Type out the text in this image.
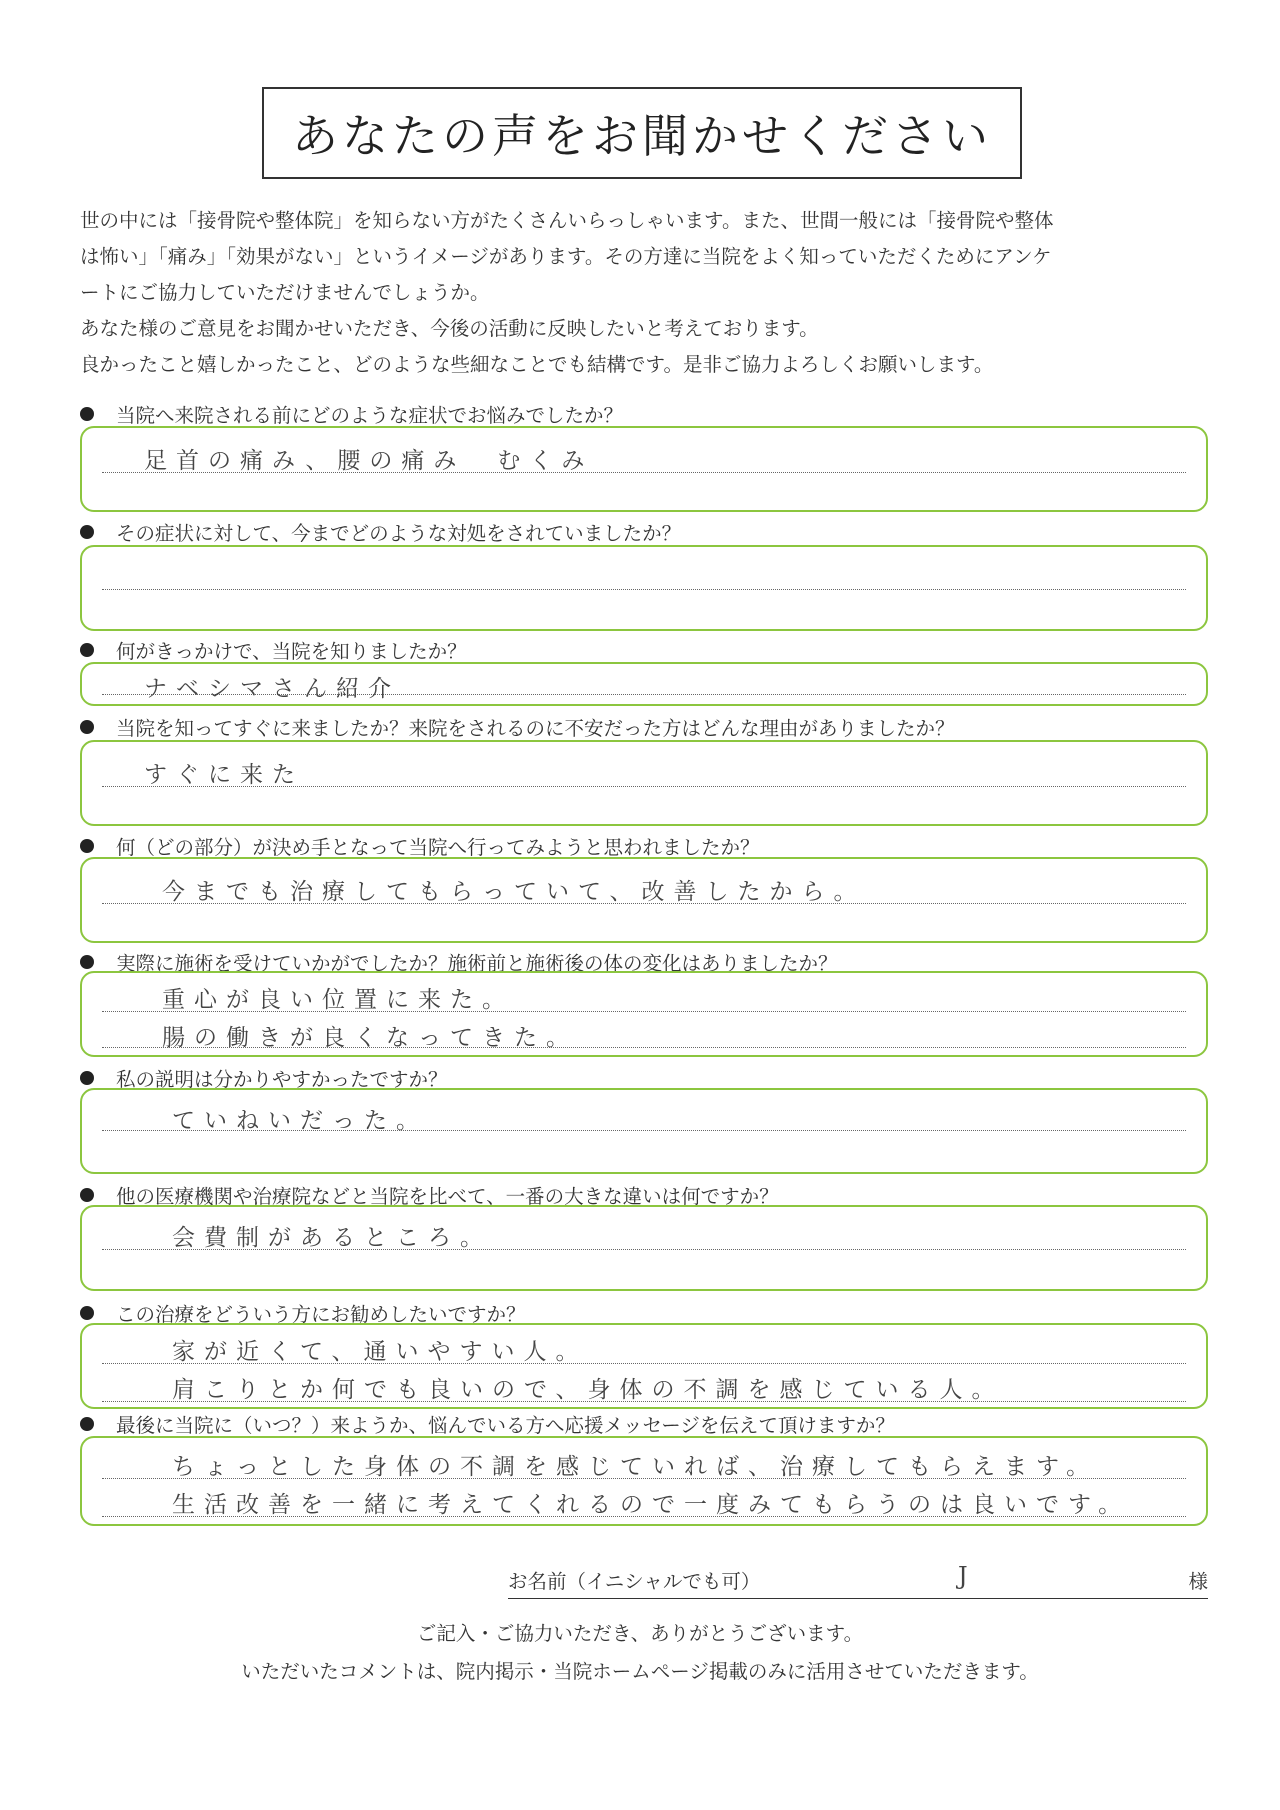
あなたの声をお聞かせください

世の中には「接骨院や整体院」を知らない方がたくさんいらっしゃいます。また、世間一般には「接骨院や整体

は怖い」「痛み」「効果がない」というイメージがあります。その方達に当院をよく知っていただくためにアンケ

ートにご協力していただけませんでしょうか。

あなた様のご意見をお聞かせいただき、今後の活動に反映したいと考えております。

良かったこと嬉しかったこと、どのような些細なことでも結構です。是非ご協力よろしくお願いします。

当院へ来院される前にどのような症状でお悩みでしたか？
足首の痛み、腰の痛み　むくみ
その症状に対して、今までどのような対処をされていましたか？
何がきっかけで、当院を知りましたか？
ナベシマさん紹介
当院を知ってすぐに来ましたか？来院をされるのに不安だった方はどんな理由がありましたか？
すぐに来た
何（どの部分）が決め手となって当院へ行ってみようと思われましたか？
今までも治療してもらっていて、改善したから。
実際に施術を受けていかがでしたか？施術前と施術後の体の変化はありましたか？
重心が良い位置に来た。
腸の働きが良くなってきた。
私の説明は分かりやすかったですか？
ていねいだった。
他の医療機関や治療院などと当院を比べて、一番の大きな違いは何ですか？
会費制があるところ。
この治療をどういう方にお勧めしたいですか？
家が近くて、通いやすい人。
肩こりとか何でも良いので、身体の不調を感じている人。
最後に当院に（いつ？）来ようか、悩んでいる方へ応援メッセージを伝えて頂けますか？
ちょっとした身体の不調を感じていれば、治療してもらえます。
生活改善を一緒に考えてくれるので一度みてもらうのは良いです。
お名前（イニシャルでも可）	J	様
ご記入・ご協力いただき、ありがとうございます。
いただいたコメントは、院内掲示・当院ホームページ掲載のみに活用させていただきます。
